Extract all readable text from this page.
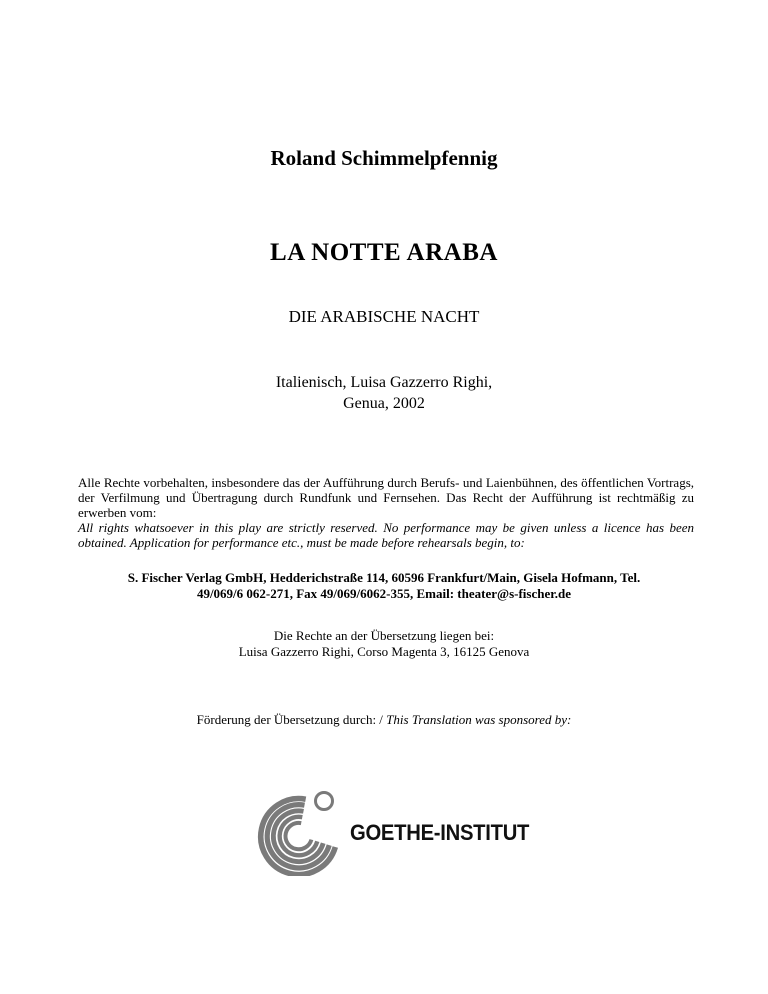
Roland Schimmelpfennig
LA NOTTE ARABA
DIE ARABISCHE NACHT
Italienisch, Luisa Gazzerro Righi,
Genua, 2002
Alle Rechte vorbehalten, insbesondere das der Aufführung durch Berufs- und Laienbühnen, des öffentlichen Vortrags, der Verfilmung und Übertragung durch Rundfunk und Fernsehen. Das Recht der Aufführung ist rechtmäßig zu erwerben vom:
All rights whatsoever in this play are strictly reserved. No performance may be given unless a licence has been obtained. Application for performance etc., must be made before rehearsals begin, to:
S. Fischer Verlag GmbH, Hedderichstraße 114, 60596 Frankfurt/Main, Gisela Hofmann, Tel.
49/069/6 062-271, Fax 49/069/6062-355, Email: theater@s-fischer.de
Die Rechte an der Übersetzung liegen bei:
Luisa Gazzerro Righi, Corso Magenta 3, 16125 Genova
Förderung der Übersetzung durch: / This Translation was sponsored by:
GOETHE-INSTITUT
